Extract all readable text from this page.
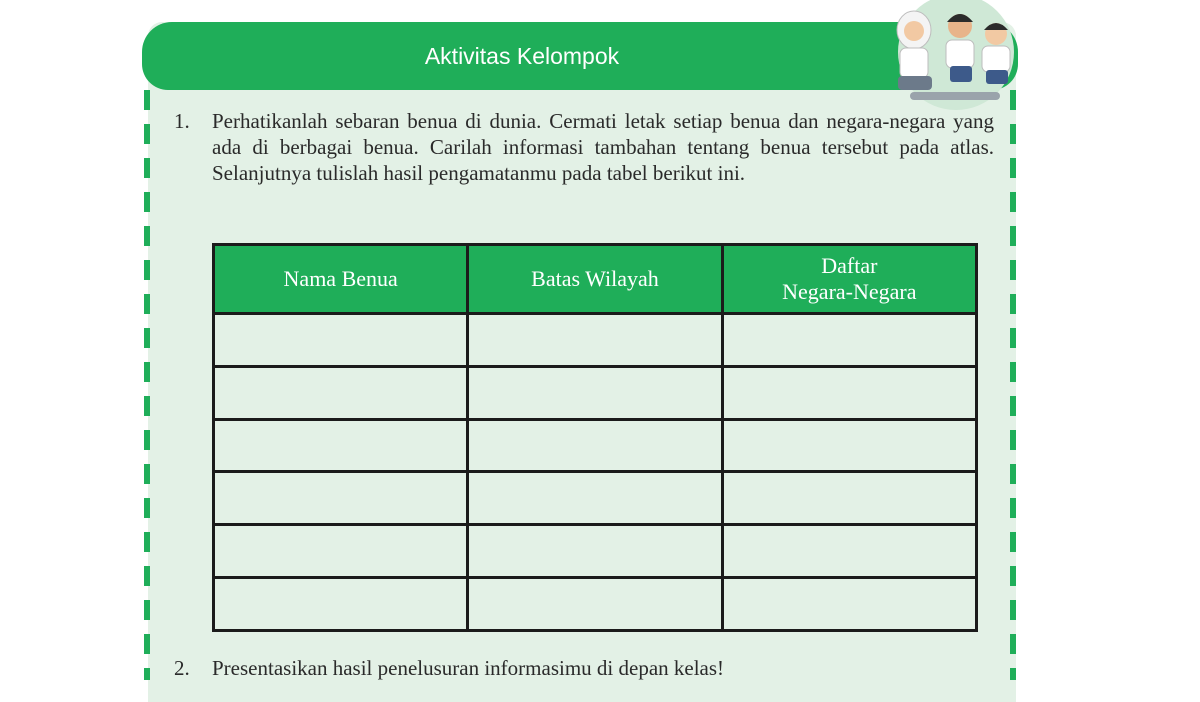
Aktivitas Kelompok
1. Perhatikanlah sebaran benua di dunia. Cermati letak setiap benua dan negara-negara yang ada di berbagai benua. Carilah informasi tambahan tentang benua tersebut pada atlas. Selanjutnya tulislah hasil pengamatanmu pada tabel berikut ini.
Nama Benua	Batas Wilayah	Daftar
Negara-Negara

2. Presentasikan hasil penelusuran informasimu di depan kelas!
